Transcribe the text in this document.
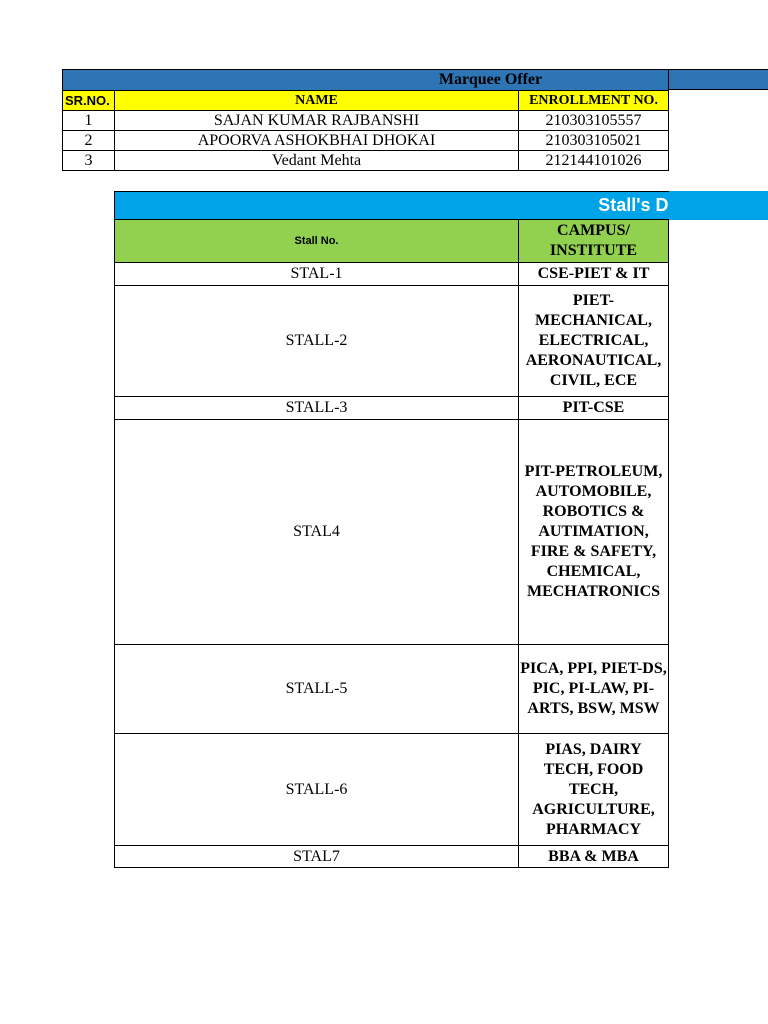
Marquee Offer		
SR.NO.	NAME	ENROLLMENT NO.
1	SAJAN KUMAR RAJBANSHI	210303105557
2	APOORVA ASHOKBHAI DHOKAI	210303105021
3	Vedant Mehta	212144101026
Stall's D	
Stall No.	CAMPUS/ INSTITUTE
STAL-1	CSE-PIET & IT
STALL-2	PIET-MECHANICAL, ELECTRICAL, AERONAUTICAL, CIVIL, ECE
STALL-3	PIT-CSE
STAL4	PIT-PETROLEUM, AUTOMOBILE, ROBOTICS & AUTIMATION, FIRE & SAFETY, CHEMICAL, MECHATRONICS
STALL-5	PICA, PPI, PIET-DS, PIC, PI-LAW, PI-ARTS, BSW, MSW
STALL-6	PIAS, DAIRY TECH, FOOD TECH, AGRICULTURE, PHARMACY
STAL7	BBA & MBA
